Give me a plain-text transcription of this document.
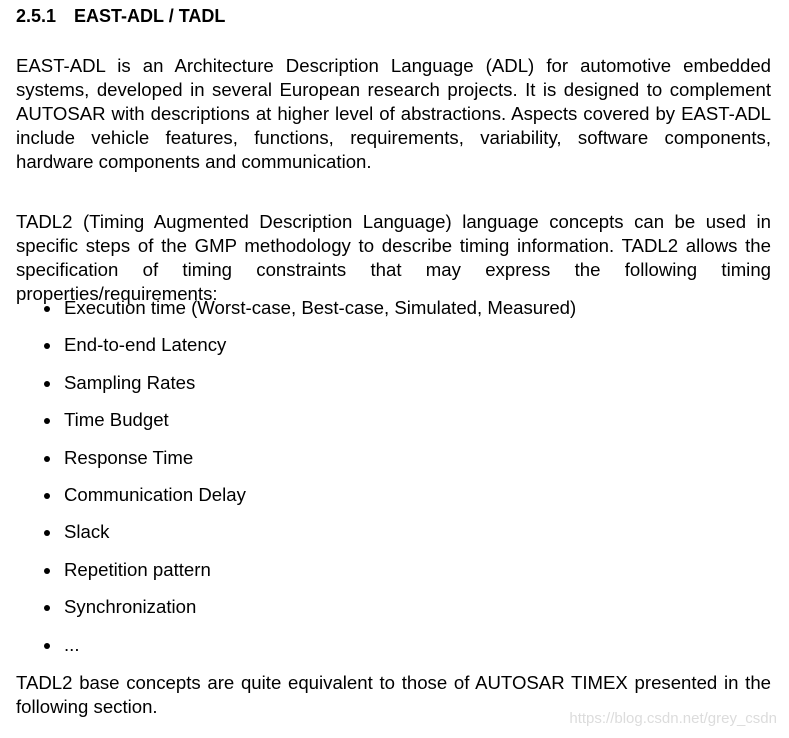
2.5.1 EAST-ADL / TADL

EAST-ADL is an Architecture Description Language (ADL) for automotive embedded systems, developed in several European research projects. It is designed to complement AUTOSAR with descriptions at higher level of abstractions. Aspects covered by EAST-ADL include vehicle features, functions, requirements, variability, software components, hardware components and communication.

TADL2 (Timing Augmented Description Language) language concepts can be used in specific steps of the GMP methodology to describe timing information. TADL2 allows the specification of timing constraints that may express the following timing properties/requirements:

Execution time (Worst-case, Best-case, Simulated, Measured)
End-to-end Latency
Sampling Rates
Time Budget
Response Time
Communication Delay
Slack
Repetition pattern
Synchronization
...

TADL2 base concepts are quite equivalent to those of AUTOSAR TIMEX presented in the following section.

https://blog.csdn.net/grey_csdn
